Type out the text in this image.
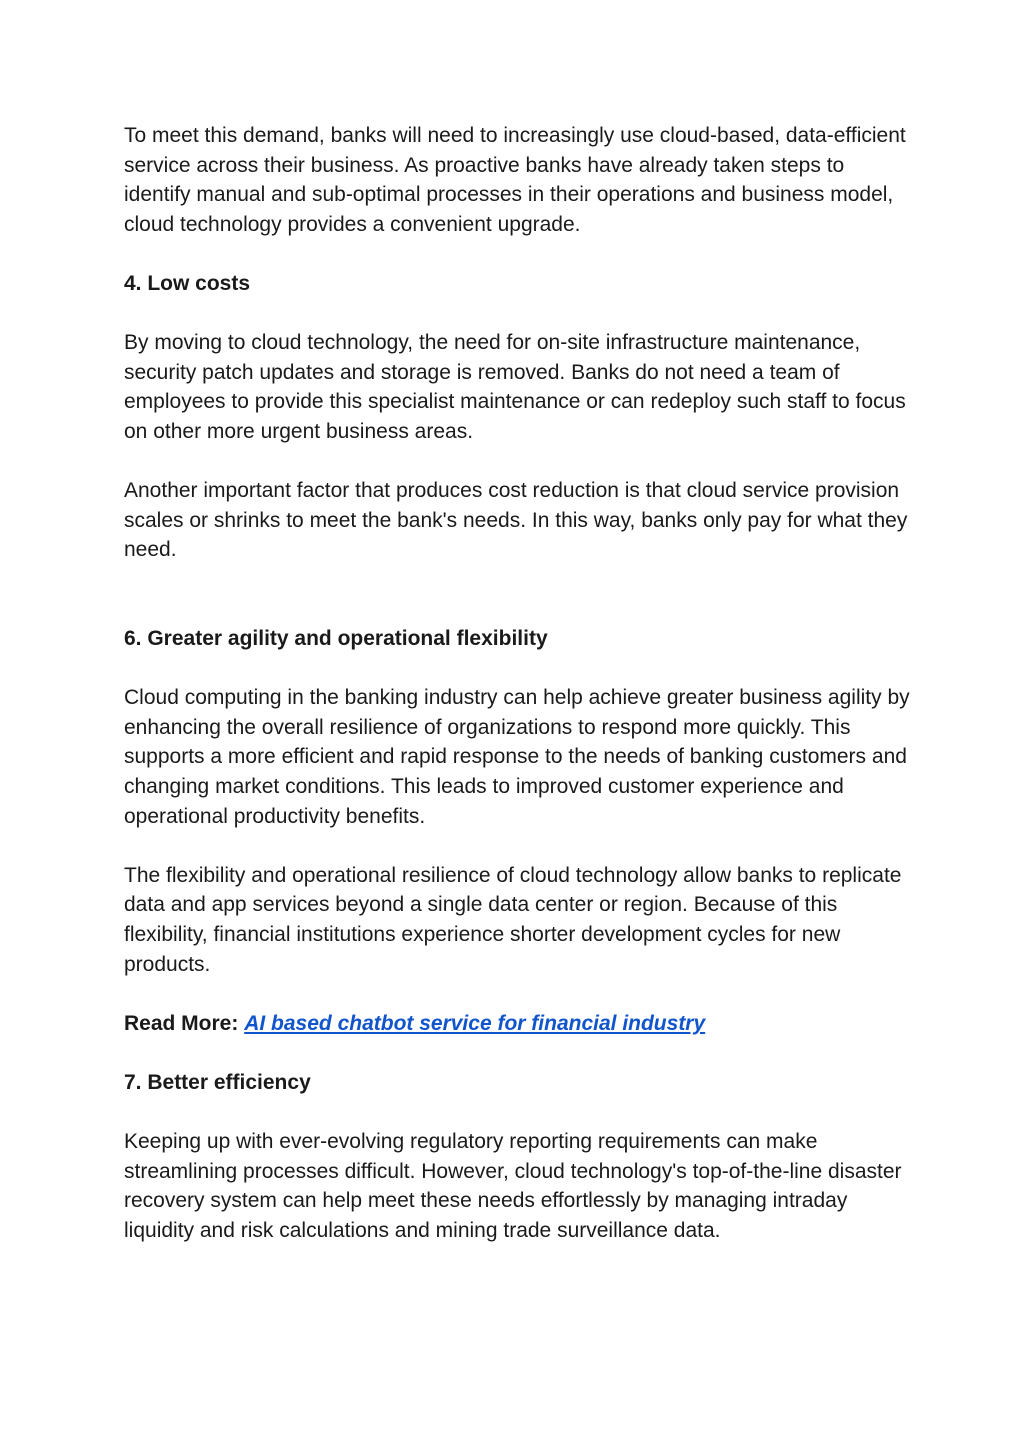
To meet this demand, banks will need to increasingly use cloud-based, data-efficient service across their business. As proactive banks have already taken steps to identify manual and sub-optimal processes in their operations and business model, cloud technology provides a convenient upgrade.

4. Low costs

By moving to cloud technology, the need for on-site infrastructure maintenance, security patch updates and storage is removed. Banks do not need a team of employees to provide this specialist maintenance or can redeploy such staff to focus on other more urgent business areas.

Another important factor that produces cost reduction is that cloud service provision scales or shrinks to meet the bank's needs. In this way, banks only pay for what they need.

6. Greater agility and operational flexibility

Cloud computing in the banking industry can help achieve greater business agility by enhancing the overall resilience of organizations to respond more quickly. This supports a more efficient and rapid response to the needs of banking customers and changing market conditions. This leads to improved customer experience and operational productivity benefits.

The flexibility and operational resilience of cloud technology allow banks to replicate data and app services beyond a single data center or region. Because of this flexibility, financial institutions experience shorter development cycles for new products.

Read More: AI based chatbot service for financial industry

7. Better efficiency

Keeping up with ever-evolving regulatory reporting requirements can make streamlining processes difficult. However, cloud technology's top-of-the-line disaster recovery system can help meet these needs effortlessly by managing intraday liquidity and risk calculations and mining trade surveillance data.
